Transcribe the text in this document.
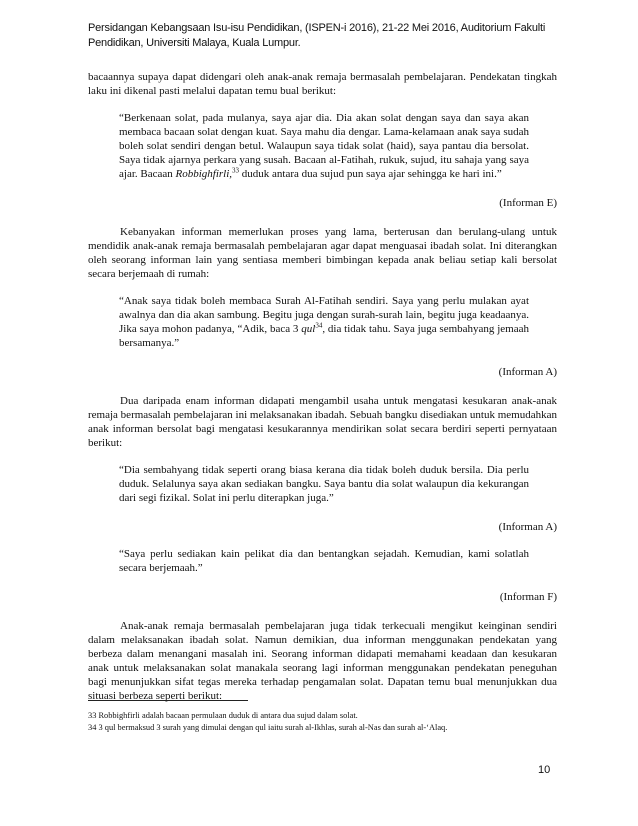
Persidangan Kebangsaan Isu-isu Pendidikan, (ISPEN-i 2016), 21-22 Mei 2016, Auditorium Fakulti
Pendidikan, Universiti Malaya, Kuala Lumpur.

bacaannya supaya dapat didengari oleh anak-anak remaja bermasalah pembelajaran. Pendekatan tingkah laku ini dikenal pasti melalui dapatan temu bual berikut:

“Berkenaan solat, pada mulanya, saya ajar dia. Dia akan solat dengan saya dan saya akan membaca bacaan solat dengan kuat. Saya mahu dia dengar. Lama-kelamaan anak saya sudah boleh solat sendiri dengan betul. Walaupun saya tidak solat (haid), saya pantau dia bersolat. Saya tidak ajarnya perkara yang susah. Bacaan al-Fatihah, rukuk, sujud, itu sahaja yang saya ajar. Bacaan Robbighfirli,$^{33}$ duduk antara dua sujud pun saya ajar sehingga ke hari ini.”

(Informan E)

Kebanyakan informan memerlukan proses yang lama, berterusan dan berulang-ulang untuk mendidik anak-anak remaja bermasalah pembelajaran agar dapat menguasai ibadah solat. Ini diterangkan oleh seorang informan lain yang sentiasa memberi bimbingan kepada anak beliau setiap kali bersolat secara berjemaah di rumah:

“Anak saya tidak boleh membaca Surah Al-Fatihah sendiri. Saya yang perlu mulakan ayat awalnya dan dia akan sambung. Begitu juga dengan surah-surah lain, begitu juga keadaanya. Jika saya mohon padanya, “Adik, baca 3 qul$^{34}$, dia tidak tahu. Saya juga sembahyang jemaah bersamanya.”

(Informan A)

Dua daripada enam informan didapati mengambil usaha untuk mengatasi kesukaran anak-anak remaja bermasalah pembelajaran ini melaksanakan ibadah. Sebuah bangku disediakan untuk memudahkan anak informan bersolat bagi mengatasi kesukarannya mendirikan solat secara berdiri seperti pernyataan berikut:

“Dia sembahyang tidak seperti orang biasa kerana dia tidak boleh duduk bersila. Dia perlu duduk. Selalunya saya akan sediakan bangku. Saya bantu dia solat walaupun dia kekurangan dari segi fizikal. Solat ini perlu diterapkan juga.”

(Informan A)

“Saya perlu sediakan kain pelikat dia dan bentangkan sejadah. Kemudian, kami solatlah secara berjemaah.”

(Informan F)

Anak-anak remaja bermasalah pembelajaran juga tidak terkecuali mengikut keinginan sendiri dalam melaksanakan ibadah solat. Namun demikian, dua informan menggunakan pendekatan yang berbeza dalam menangani masalah ini. Seorang informan didapati memahami keadaan dan kesukaran anak untuk melaksanakan solat manakala seorang lagi informan menggunakan pendekatan peneguhan bagi menunjukkan sifat tegas mereka terhadap pengamalan solat. Dapatan temu bual menunjukkan dua situasi berbeza seperti berikut:

33 Robbighfirli adalah bacaan permulaan duduk di antara dua sujud dalam solat.
34 3 qul bermaksud 3 surah yang dimulai dengan qul iaitu surah al-Ikhlas, surah al-Nas dan surah al-‘Alaq.
10
